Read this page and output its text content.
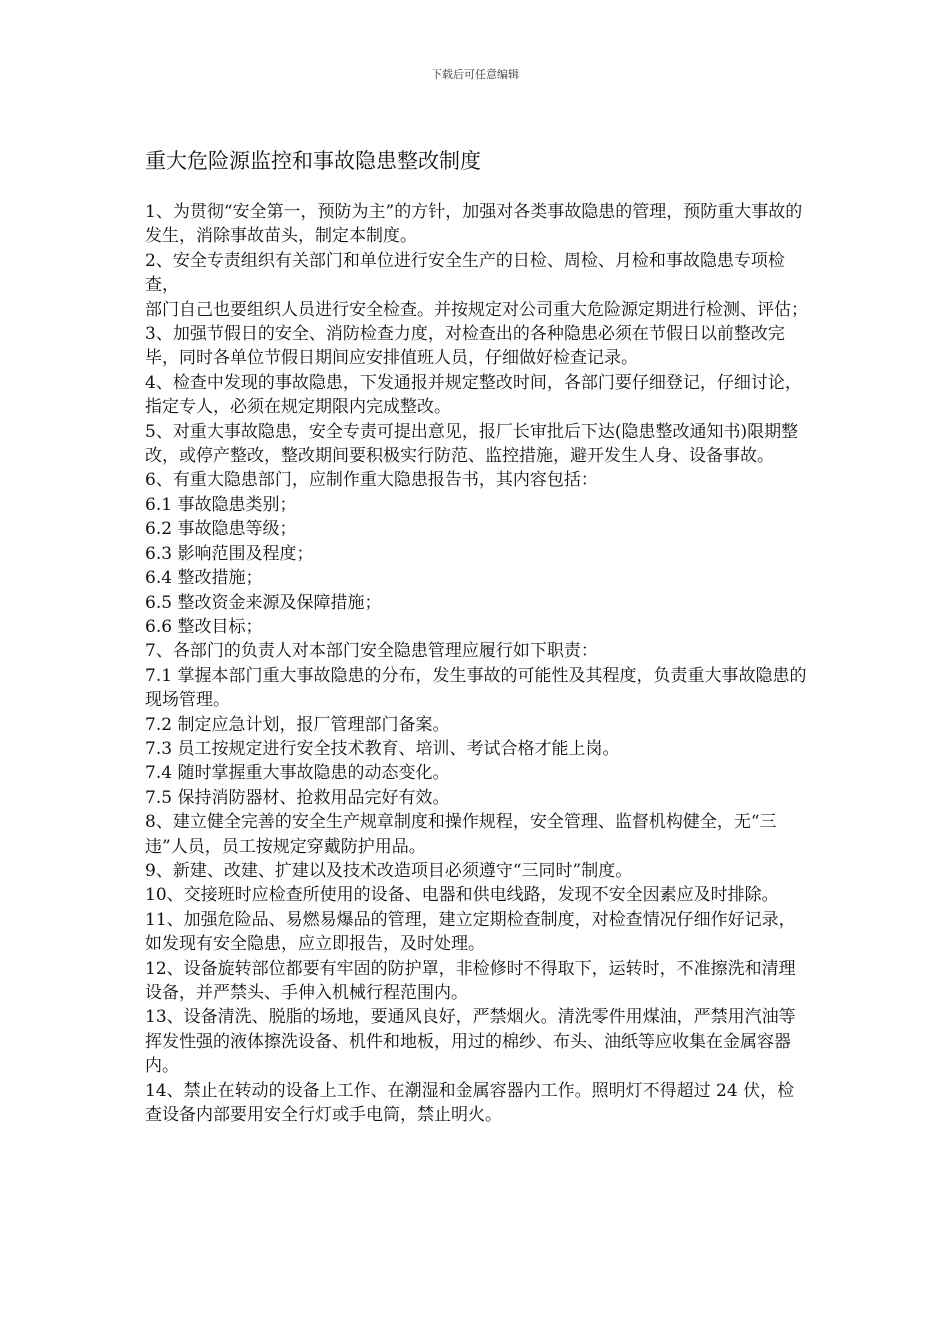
下载后可任意编辑
重大危险源监控和事故隐患整改制度

1、为贯彻“安全第一，预防为主”的方针，加强对各类事故隐患的管理，预防重大事故的发生，消除事故苗头，制定本制度。

2、安全专责组织有关部门和单位进行安全生产的日检、周检、月检和事故隐患专项检查，

部门自己也要组织人员进行安全检查。并按规定对公司重大危险源定期进行检测、评估；

3、加强节假日的安全、消防检查力度，对检查出的各种隐患必须在节假日以前整改完毕，同时各单位节假日期间应安排值班人员，仔细做好检查记录。

4、检查中发现的事故隐患，下发通报并规定整改时间，各部门要仔细登记，仔细讨论，指定专人，必须在规定期限内完成整改。

5、对重大事故隐患，安全专责可提出意见，报厂长审批后下达(隐患整改通知书)限期整改，或停产整改，整改期间要积极实行防范、监控措施，避开发生人身、设备事故。

6、有重大隐患部门，应制作重大隐患报告书，其内容包括：

6.1 事故隐患类别；

6.2 事故隐患等级；

6.3 影响范围及程度；

6.4 整改措施；

6.5 整改资金来源及保障措施；

6.6 整改目标；

7、各部门的负责人对本部门安全隐患管理应履行如下职责：

7.1 掌握本部门重大事故隐患的分布，发生事故的可能性及其程度，负责重大事故隐患的现场管理。

7.2 制定应急计划，报厂管理部门备案。

7.3 员工按规定进行安全技术教育、培训、考试合格才能上岗。

7.4 随时掌握重大事故隐患的动态变化。

7.5 保持消防器材、抢救用品完好有效。

8、建立健全完善的安全生产规章制度和操作规程，安全管理、监督机构健全，无“三违”人员，员工按规定穿戴防护用品。

9、新建、改建、扩建以及技术改造项目必须遵守“三同时”制度。

10、交接班时应检查所使用的设备、电器和供电线路，发现不安全因素应及时排除。

11、加强危险品、易燃易爆品的管理，建立定期检查制度，对检查情况仔细作好记录，如发现有安全隐患，应立即报告，及时处理。

12、设备旋转部位都要有牢固的防护罩，非检修时不得取下，运转时，不准擦洗和清理设备，并严禁头、手伸入机械行程范围内。

13、设备清洗、脱脂的场地，要通风良好，严禁烟火。清洗零件用煤油，严禁用汽油等挥发性强的液体擦洗设备、机件和地板，用过的棉纱、布头、油纸等应收集在金属容器内。

14、禁止在转动的设备上工作、在潮湿和金属容器内工作。照明灯不得超过 24 伏，检查设备内部要用安全行灯或手电筒，禁止明火。
